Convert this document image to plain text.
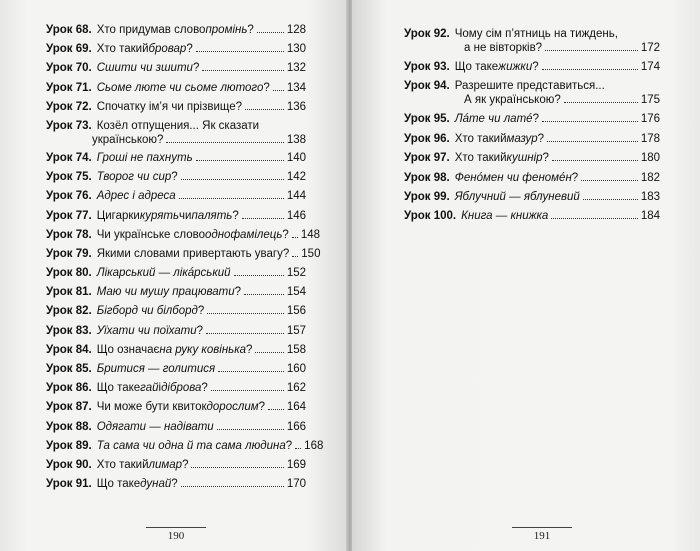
Урок 68. Хто придумав слово промінь ?	128
Урок 69. Хто такий бровар ?	130
Урок 70. Сшити чи зшити ?	132
Урок 71. Сьоме люте чи сьоме лютого ? 134
Урок 72. Спочатку ім’я чи прізвище?	136
Урок 73. Козёл отпущения... Як сказати
українською?	138
Урок 74. Гроші не пахнуть	140
Урок 75. Творог чи сир ?	142
Урок 76. Адрес і адреса	144
Урок 77. Цигарки курять чи палять ?	146
Урок 78. Чи українське слово однофамілець ? 148
Урок 79. Якими словами привертають увагу? 150
Урок 80. Лікарський — лікáрський	152
Урок 81. Маю чи мушу працювати ?	154
Урок 82. Бігборд чи білборд ?	156
Урок 83. Уїхати чи поїхати ?	157
Урок 84. Що означає на руку ковінька ?	158
Урок 85. Бритися — голитися	160
Урок 86. Що таке гай і діброва ?	162
Урок 87. Чи може бути квиток дорослим ? 164
Урок 88. Одягати — надівати	166
Урок 89. Та сама чи одна й та сама людина ? 168
Урок 90. Хто такий лимар ?	169
Урок 91. Що таке дунай ?	170
190
Урок 92. Чому сім п’ятниць на тиждень,
а не вівторків?	172
Урок 93. Що таке жижки ?	174
Урок 94. Разрешите представиться...
А як українською?	175
Урок 95. Лáте чи латé ?	176
Урок 96. Хто такий мазур ?	178
Урок 97. Хто такий кушнір ?	180
Урок 98. Фенóмен чи феномéн ?	182
Урок 99. Яблучний — яблуневий	183
Урок 100. Книга — книжка	184
191
